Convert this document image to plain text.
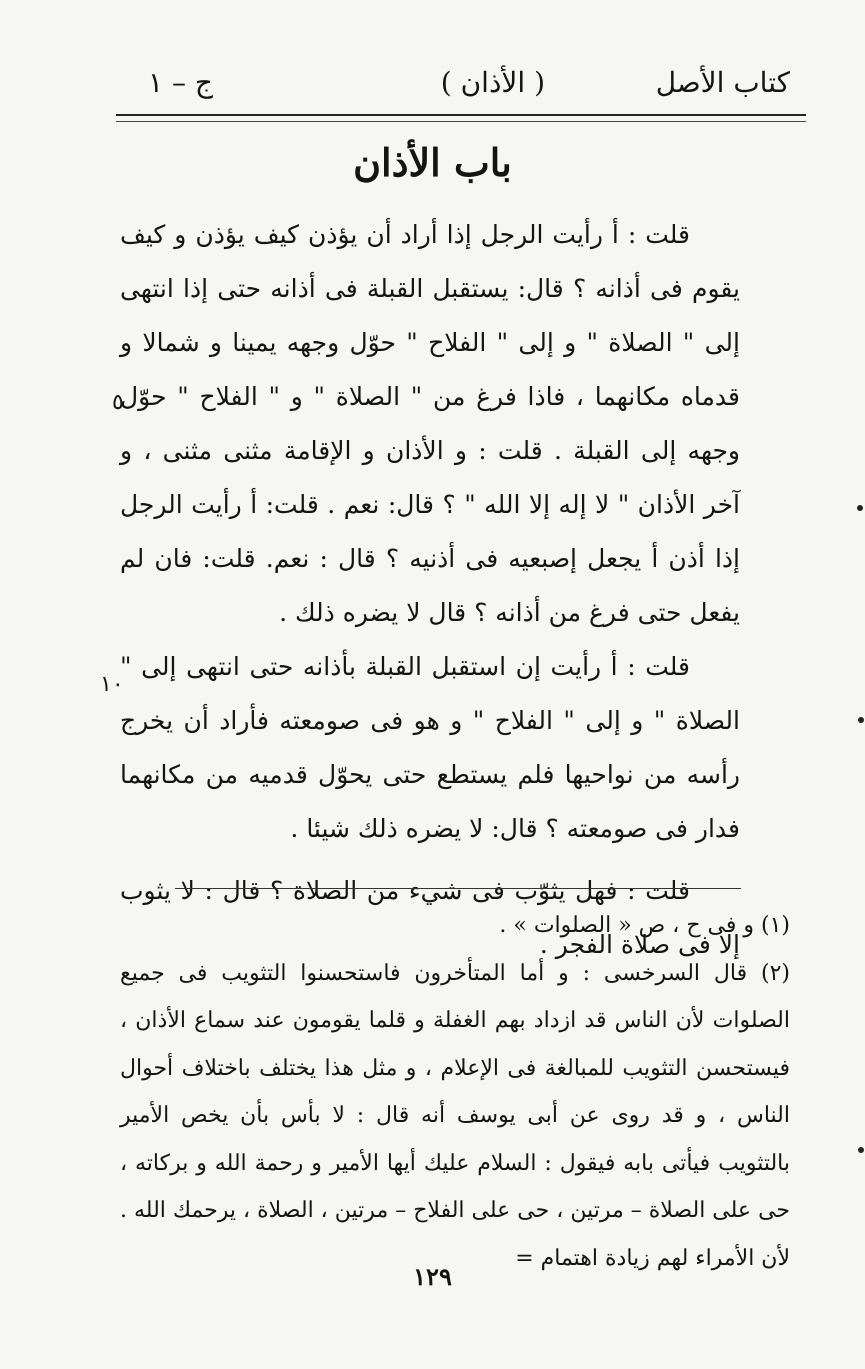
كتاب الأصل
( الأذان )
ج – ١
باب الأذان

قلت : أ رأيت الرجل إذا أراد أن يؤذن كيف يؤذن و كيف يقوم فى أذانه ؟ قال: يستقبل القبلة فى أذانه حتى إذا انتهى إلى " الصلاة " و إلى " الفلاح " حوّل وجهه يمينا و شمالا و قدماه مكانهما ، فاذا فرغ من " الصلاة " و " الفلاح " حوّل وجهه إلى القبلة . قلت : و الأذان و الإقامة مثنى مثنى ، و آخر الأذان " لا إله إلا الله " ؟ قال: نعم . قلت: أ رأيت الرجل إذا أذن أ يجعل إصبعيه فى أذنيه ؟ قال : نعم. قلت: فان لم يفعل حتى فرغ من أذانه ؟ قال لا يضره ذلك .

قلت : أ رأيت إن استقبل القبلة بأذانه حتى انتهى إلى " الصلاة " و إلى " الفلاح " و هو فى صومعته فأراد أن يخرج رأسه من نواحيها فلم يستطع حتى يحوّل قدميه من مكانهما فدار فى صومعته ؟ قال: لا يضره ذلك شيئا .

قلت : فهل يثوّب فى شيء من الصلاة ؟ قال : لا يثوب إلا فى صلاة الفجر .

٥
١٠

(١) و فى ح ، ص « الصلوات » .

(٢) قال السرخسى : و أما المتأخرون فاستحسنوا التثويب فى جميع الصلوات لأن الناس قد ازداد بهم الغفلة و قلما يقومون عند سماع الأذان ، فيستحسن التثويب للمبالغة فى الإعلام ، و مثل هذا يختلف باختلاف أحوال الناس ، و قد روى عن أبى يوسف أنه قال : لا بأس بأن يخص الأمير بالتثويب فيأتى بابه فيقول : السلام عليك أيها الأمير و رحمة الله و بركاته ، حى على الصلاة – مرتين ، حى على الفلاح – مرتين ، الصلاة ، يرحمك الله . لأن الأمراء لهم زيادة اهتمام =

١٢٩
